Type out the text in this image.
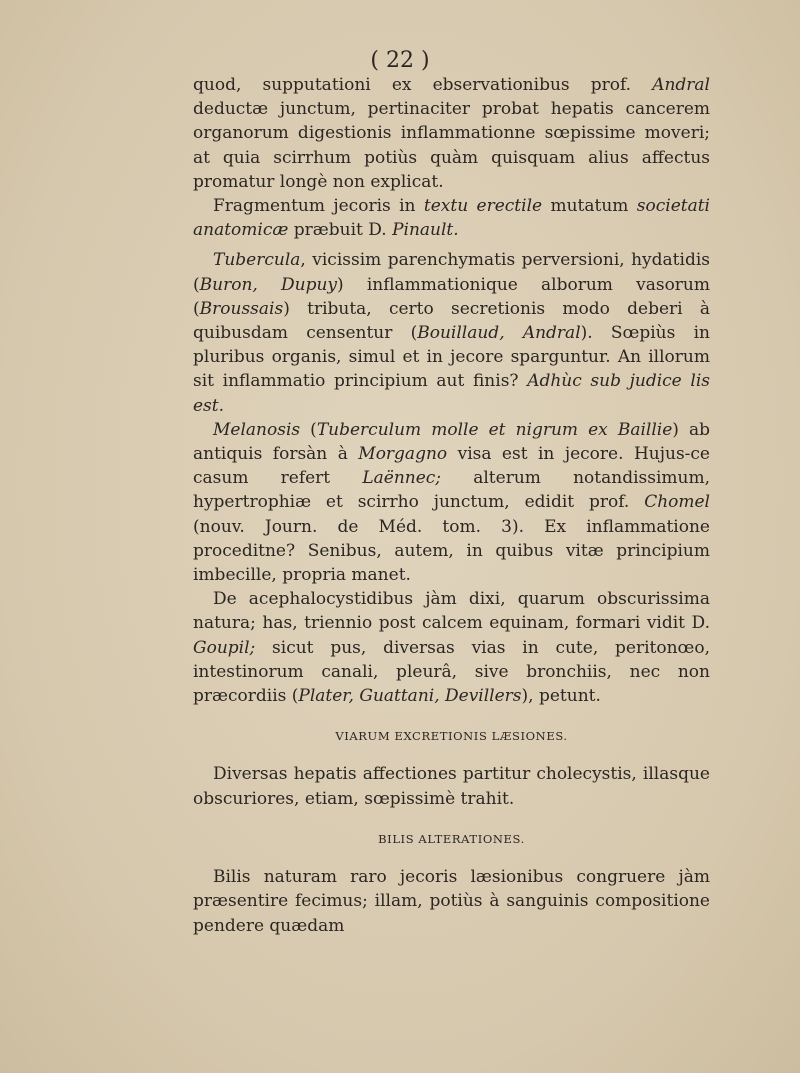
( 22 )

quod, supputationi ex ebservationibus prof. Andral deductæ junctum, pertinaciter probat hepatis cancerem organorum digestionis inflammationne sœpissime moveri; at quia scirrhum potiùs quàm quisquam alius affectus promatur longè non explicat.

Fragmentum jecoris in textu erectile mutatum societati anatomicæ præbuit D. Pinault.

Tubercula, vicissim parenchymatis perversioni, hydatidis (Buron, Dupuy) inflammationique alborum vasorum (Broussais) tributa, certo secretionis modo deberi à quibusdam censentur (Bouillaud, Andral). Sœpiùs in pluribus organis, simul et in jecore sparguntur. An illorum sit inflammatio principium aut finis? Adhùc sub judice lis est.

Melanosis (Tuberculum molle et nigrum ex Baillie) ab antiquis forsàn à Morgagno visa est in jecore. Hujus-ce casum refert Laënnec; alterum notandissimum, hypertrophiæ et scirrho junctum, edidit prof. Chomel (nouv. Journ. de Méd. tom. 3). Ex inflammatione proceditne? Senibus, autem, in quibus vitæ principium imbecille, propria manet.

De acephalocystidibus jàm dixi, quarum obscurissima natura; has, triennio post calcem equinam, formari vidit D. Goupil; sicut pus, diversas vias in cute, peritonœo, intestinorum canali, pleurâ, sive bronchiis, nec non præcordiis (Plater, Guattani, Devillers), petunt.

VIARUM EXCRETIONIS LÆSIONES.

Diversas hepatis affectiones partitur cholecystis, illasque obscuriores, etiam, sœpissimè trahit.

BILIS ALTERATIONES.

Bilis naturam raro jecoris læsionibus congruere jàm præsentire fecimus; illam, potiùs à sanguinis compositione pendere quædam
